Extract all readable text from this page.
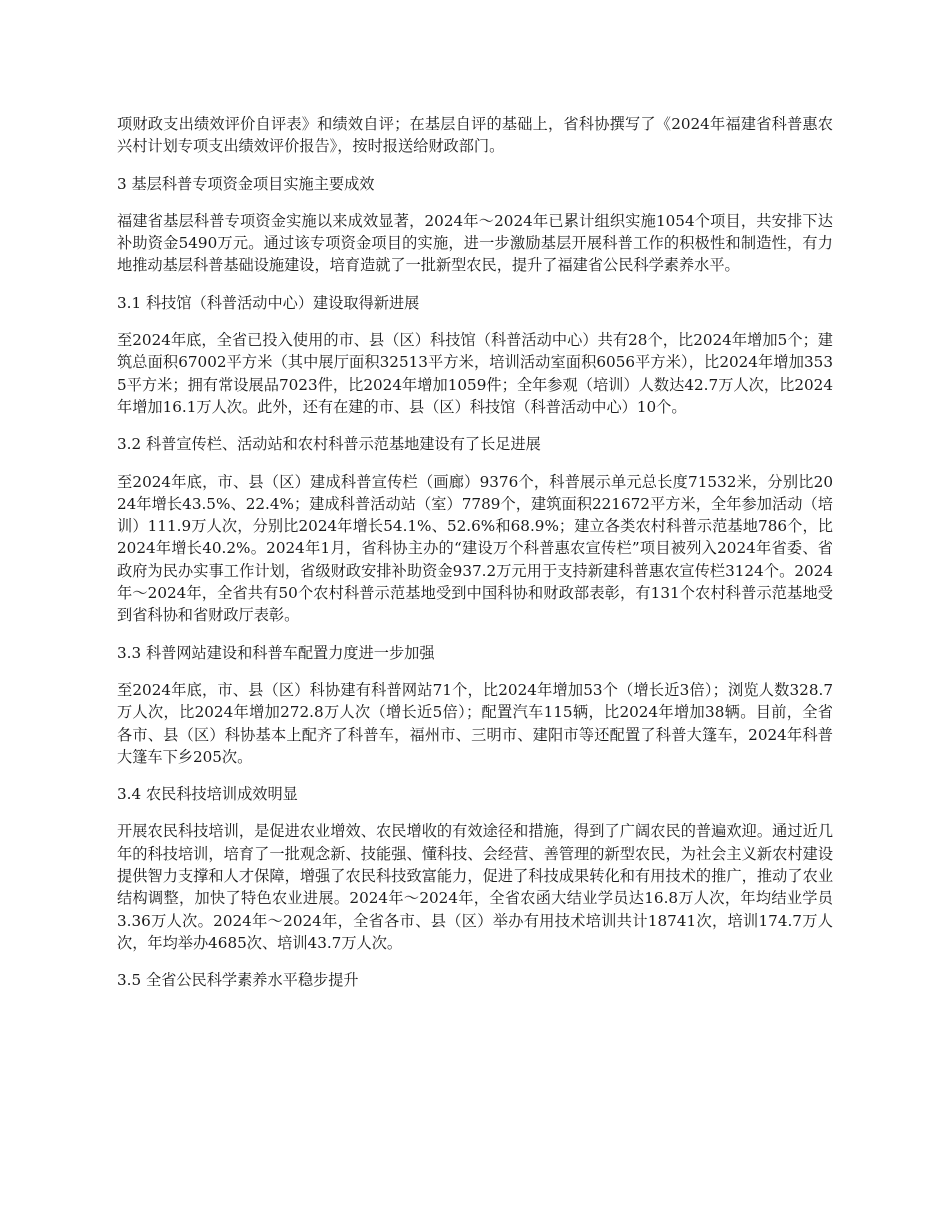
项财政支出绩效评价自评表》和绩效自评；在基层自评的基础上，省科协撰写了《2024年福建省科普惠农兴村计划专项支出绩效评价报告》，按时报送给财政部门。

3 基层科普专项资金项目实施主要成效

福建省基层科普专项资金实施以来成效显著，2024年～2024年已累计组织实施1054个项目，共安排下达补助资金5490万元。通过该专项资金项目的实施，进一步激励基层开展科普工作的积极性和制造性，有力地推动基层科普基础设施建设，培育造就了一批新型农民，提升了福建省公民科学素养水平。

3.1 科技馆（科普活动中心）建设取得新进展

至2024年底，全省已投入使用的市、县（区）科技馆（科普活动中心）共有28个，比2024年增加5个；建筑总面积67002平方米（其中展厅面积32513平方米，培训活动室面积6056平方米），比2024年增加3535平方米；拥有常设展品7023件，比2024年增加1059件；全年参观（培训）人数达42.7万人次，比2024年增加16.1万人次。此外，还有在建的市、县（区）科技馆（科普活动中心）10个。

3.2 科普宣传栏、活动站和农村科普示范基地建设有了长足进展

至2024年底，市、县（区）建成科普宣传栏（画廊）9376个，科普展示单元总长度71532米，分别比2024年增长43.5%、22.4%；建成科普活动站（室）7789个，建筑面积221672平方米，全年参加活动（培训）111.9万人次，分别比2024年增长54.1%、52.6%和68.9%；建立各类农村科普示范基地786个，比2024年增长40.2%。2024年1月，省科协主办的“建设万个科普惠农宣传栏”项目被列入2024年省委、省政府为民办实事工作计划，省级财政安排补助资金937.2万元用于支持新建科普惠农宣传栏3124个。2024年～2024年，全省共有50个农村科普示范基地受到中国科协和财政部表彰，有131个农村科普示范基地受到省科协和省财政厅表彰。

3.3 科普网站建设和科普车配置力度进一步加强

至2024年底，市、县（区）科协建有科普网站71个，比2024年增加53个（增长近3倍）；浏览人数328.7万人次，比2024年增加272.8万人次（增长近5倍）；配置汽车115辆，比2024年增加38辆。目前，全省各市、县（区）科协基本上配齐了科普车，福州市、三明市、建阳市等还配置了科普大篷车，2024年科普大篷车下乡205次。

3.4 农民科技培训成效明显

开展农民科技培训，是促进农业增效、农民增收的有效途径和措施，得到了广阔农民的普遍欢迎。通过近几年的科技培训，培育了一批观念新、技能强、懂科技、会经营、善管理的新型农民，为社会主义新农村建设提供智力支撑和人才保障，增强了农民科技致富能力，促进了科技成果转化和有用技术的推广，推动了农业结构调整，加快了特色农业进展。2024年～2024年，全省农函大结业学员达16.8万人次，年均结业学员3.36万人次。2024年～2024年，全省各市、县（区）举办有用技术培训共计18741次，培训174.7万人次，年均举办4685次、培训43.7万人次。

3.5 全省公民科学素养水平稳步提升
